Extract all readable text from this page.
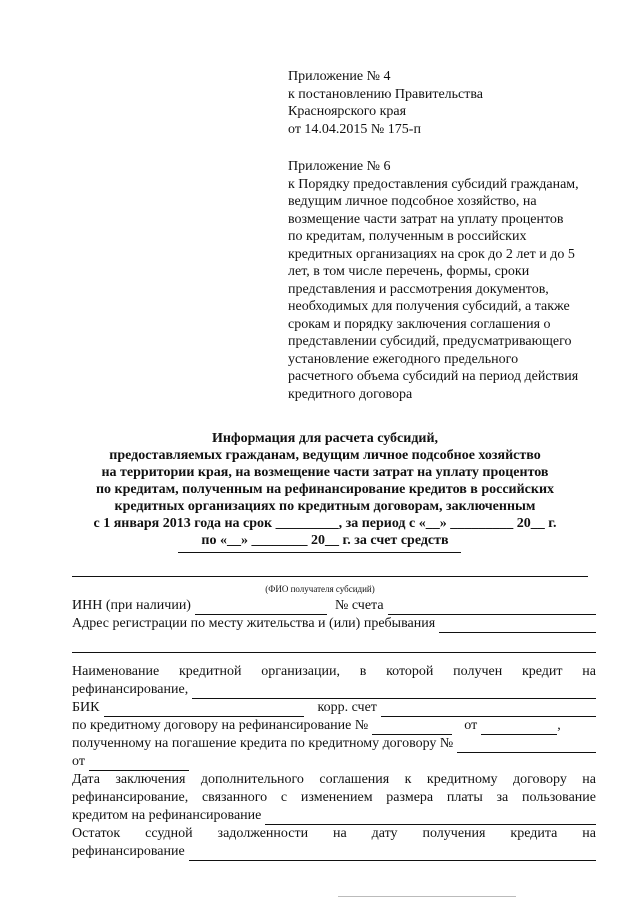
Приложение № 4
к постановлению Правительства
Красноярского края
от 14.04.2015 № 175-п
Приложение № 6
к Порядку предоставления субсидий гражданам,
ведущим личное подсобное хозяйство, на
возмещение части затрат на уплату процентов
по кредитам, полученным в российских
кредитных организациях на срок до 2 лет и до 5
лет, в том числе перечень, формы, сроки
представления и рассмотрения документов,
необходимых для получения субсидий, а также
срокам и порядку заключения соглашения о
представлении субсидий, предусматривающего
установление ежегодного предельного
расчетного объема субсидий на период действия
кредитного договора
Информация для расчета субсидий,
предоставляемых гражданам, ведущим личное подсобное хозяйство
на территории края, на возмещение части затрат на уплату процентов
по кредитам, полученным на рефинансирование кредитов в российских
кредитных организациях по кредитным договорам, заключенным
с 1 января 2013 года на срок _________, за период с «__» _________ 20__ г.
по «__» ________ 20__ г. за счет средств
(ФИО получателя субсидий)
ИНН (при наличии)	№ счета
Адрес регистрации по месту жительства и (или) пребывания
Наименование кредитной организации, в которой получен кредит на
рефинансирование,
БИК	корр. счет
по кредитному договору на рефинансирование №	от	,
полученному на погашение кредита по кредитному договору №
от
Дата заключения дополнительного соглашения к кредитному договору на
рефинансирование, связанного с изменением размера платы за пользование
кредитом на рефинансирование
Остаток ссудной задолженности на дату получения кредита на
рефинансирование
